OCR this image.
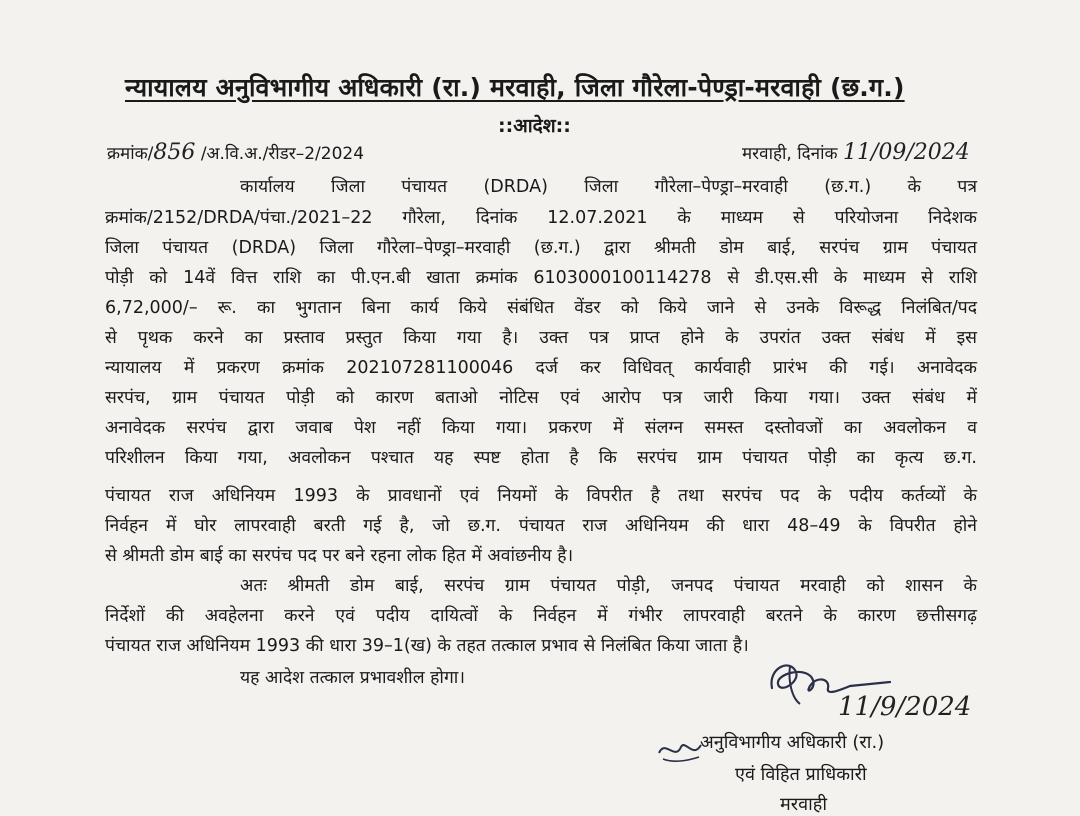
न्यायालय अनुविभागीय अधिकारी (रा.) मरवाही, जिला गौरेला-पेण्ड्रा-मरवाही (छ.ग.)
::आदेश::
क्रमांक/856 /अ.वि.अ./रीडर–2/2024	मरवाही, दिनांक 11/09/2024
कार्यालय जिला पंचायत (DRDA) जिला गौरेला–पेण्ड्रा–मरवाही (छ.ग.) के पत्र
क्रमांक/2152/DRDA/पंचा./2021–22 गौरेला, दिनांक 12.07.2021 के माध्यम से परियोजना निदेशक
जिला पंचायत (DRDA) जिला गौरेला–पेण्ड्रा–मरवाही (छ.ग.) द्वारा श्रीमती डोम बाई, सरपंच ग्राम पंचायत
पोड़ी को 14वें वित्त राशि का पी.एन.बी खाता क्रमांक 6103000100114278 से डी.एस.सी के माध्यम से राशि
6,72,000/– रू. का भुगतान बिना कार्य किये संबंधित वेंडर को किये जाने से उनके विरूद्ध निलंबित/पद
से पृथक करने का प्रस्ताव प्रस्तुत किया गया है। उक्त पत्र प्राप्त होने के उपरांत उक्त संबंध में इस
न्यायालय में प्रकरण क्रमांक 202107281100046 दर्ज कर विधिवत् कार्यवाही प्रारंभ की गई। अनावेदक
सरपंच, ग्राम पंचायत पोड़ी को कारण बताओ नोटिस एवं आरोप पत्र जारी किया गया। उक्त संबंध में
अनावेदक सरपंच द्वारा जवाब पेश नहीं किया गया। प्रकरण में संलग्न समस्त दस्तोवजों का अवलोकन व
परिशीलन किया गया, अवलोकन पश्चात यह स्पष्ट होता है कि सरपंच ग्राम पंचायत पोड़ी का कृत्य छ.ग.
पंचायत राज अधिनियम 1993 के प्रावधानों एवं नियमों के विपरीत है तथा सरपंच पद के पदीय कर्तव्यों के
निर्वहन में घोर लापरवाही बरती गई है, जो छ.ग. पंचायत राज अधिनियम की धारा 48–49 के विपरीत होने
से श्रीमती डोम बाई का सरपंच पद पर बने रहना लोक हित में अवांछनीय है।
अतः श्रीमती डोम बाई, सरपंच ग्राम पंचायत पोड़ी, जनपद पंचायत मरवाही को शासन के
निर्देशों की अवहेलना करने एवं पदीय दायित्वों के निर्वहन में गंभीर लापरवाही बरतने के कारण छत्तीसगढ़
पंचायत राज अधिनियम 1993 की धारा 39–1(ख) के तहत तत्काल प्रभाव से निलंबित किया जाता है।
यह आदेश तत्काल प्रभावशील होगा।
11/9/2024
अनुविभागीय अधिकारी (रा.)
एवं विहित प्राधिकारी
मरवाही
